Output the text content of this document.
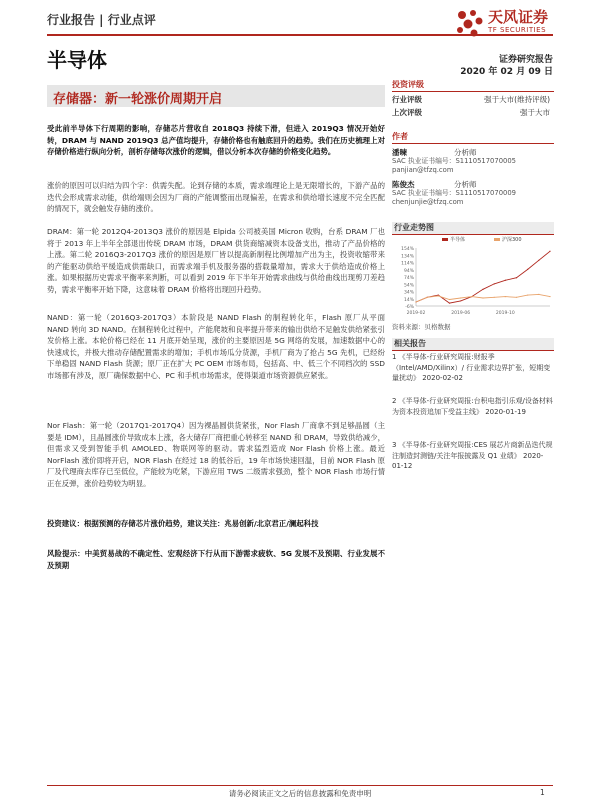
行业报告 | 行业点评	天风证券
TF SECURITIES
半导体	证券研究报告
2020 年 02 月 09 日
存储器：新一轮涨价周期开启

受此前半导体下行周期的影响，存储芯片营收自 2018Q3 持续下滑，但进入 2019Q3 情况开始好转，DRAM 与 NAND 2019Q3 总产值均提升，存储价格也有触底回升的趋势。我们在历史梳理上对存储价格进行纵向分析，剖析存储每次涨价的逻辑，借以分析本次存储的价格变化趋势。

涨价的原因可以归结为四个字：供需失配。论到存储的本质，需求端理论上是无限增长的，下游产品的迭代会形成需求动能，供给端则会因为厂商的产能调整而出现偏差，在需求和供给增长速度不完全匹配的情况下，就会触发存储的涨价。

DRAM：第一轮 2012Q4-2013Q3 涨价的原因是 Elpida 公司被美国 Micron 收购，台系 DRAM 厂也将于 2013 年上半年全部退出传统 DRAM 市场，DRAM 供货商缩减资本设备支出，推动了产品价格的上涨。第二轮 2016Q3-2017Q3 涨价的原因是原厂皆以提高新制程比例增加产出为主，投资收缩带来的产能驱动供给平缓造成供需缺口，而需求端手机及服务器的搭载量增加，需求大于供给造成价格上涨。如果根据历史需求平衡率来判断，可以看到 2019 年下半年开始需求曲线与供给曲线出现剪刀差趋势，需求平衡率开始下降，这意味着 DRAM 价格将出现回升趋势。

NAND：第一轮（2016Q3-2017Q3）本阶段是 NAND Flash 的制程转化年，Flash 原厂从平面 NAND 转向 3D NAND。在制程转化过程中，产能爬坡和良率提升带来的输出供给不足触发供给紧张引发价格上涨。本轮价格已经在 11 月底开始呈现，涨价的主要原因是 5G 网络的发展，加速数据中心的快速成长，并极大推动存储配置需求的增加；手机市场瓜分货源，手机厂商为了抢占 5G 先机，已经纷下单稳固 NAND Flash 货源；原厂正在扩大 PC OEM 市场布局，包括高、中、低三个不同档次的 SSD 市场都有涉及，原厂确保数据中心、PC 和手机市场需求，使得渠道市场资源供应紧张。

Nor Flash：第一轮（2017Q1-2017Q4）因为裸晶圆供货紧张，Nor Flash 厂商拿不到足够晶圆（主要是 IDM），且晶圆涨价导致成本上涨，各大储存厂商把重心转移至 NAND 和 DRAM，导致供给减少，但需求又受到智能手机 AMOLED、物联网等的驱动。需求猛烈造成 Nor Flash 价格上涨。最近 NorFlash 涨价即将开启，NOR Flash 在经过 18 的低谷后，19 年市场快速回温，目前 NOR Flash 原厂及代理商去库存已至低位，产能较为吃紧，下游应用 TWS 二级需求强劲，整个 NOR Flash 市场行情正在反弹，涨价趋势较为明显。

投资建议：根据预测的存储芯片涨价趋势，建议关注：兆易创新/北京君正/澜起科技

风险提示：中美贸易战的不确定性、宏观经济下行从而下游需求疲软、5G 发展不及预期、行业发展不及预期

投资评级
行业评级	强于大市(维持评级)
上次评级	强于大市
作者
潘暕	分析师
SAC 执业证书编号：S1110517070005
panjian@tfzq.com
陈俊杰	分析师
SAC 执业证书编号：S1110517070009
chenjunjie@tfzq.com
行业走势图
154%
134%
114%
94%
74%
54%
34%
14%
-6%
2019-02	2019-06	2019-10
半导体	沪深300
资料来源：贝格数据
相关报告

1 《半导体-行业研究周报:财报季（Intel/AMD/Xilinx）/ 行业需求边界扩张，短期变量扰动》 2020-02-02

2 《半导体-行业研究周报:台积电指引乐观/设备材料为资本投资追加下受益主线》 2020-01-19

3 《半导体-行业研究周报:CES 展芯片商新品迭代规注制造封测链/关注年报披露及 Q1 业绩》 2020-01-12

请务必阅读正文之后的信息披露和免责申明	1
